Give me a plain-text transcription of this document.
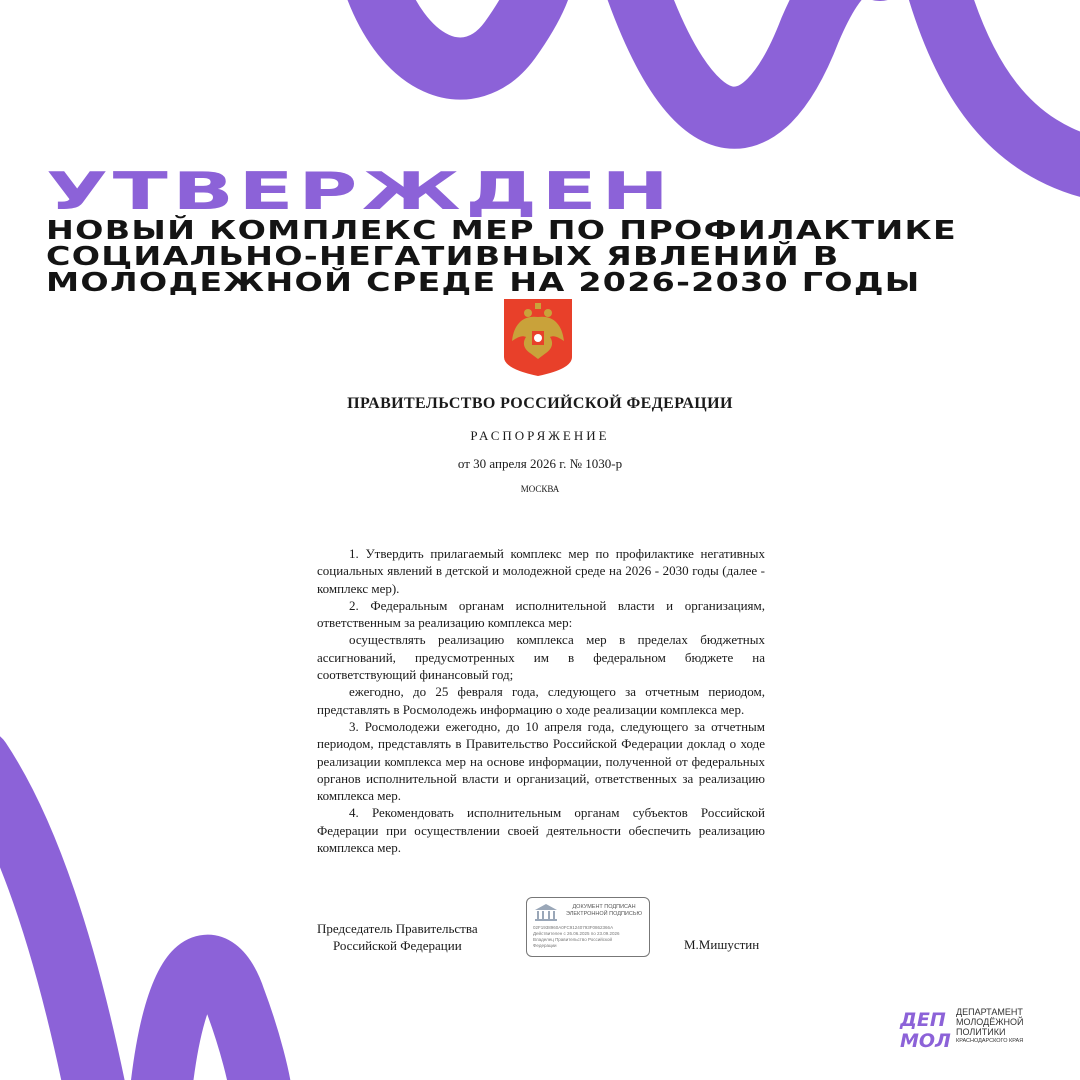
УТВЕРЖДЕН
НОВЫЙ КОМПЛЕКС МЕР ПО ПРОФИЛАКТИКЕ
СОЦИАЛЬНО-НЕГАТИВНЫХ ЯВЛЕНИЙ В
МОЛОДЕЖНОЙ СРЕДЕ НА 2026-2030 ГОДЫ
ПРАВИТЕЛЬСТВО РОССИЙСКОЙ ФЕДЕРАЦИИ
РАСПОРЯЖЕНИЕ
от 30 апреля 2026 г. № 1030-р
МОСКВА

1. Утвердить прилагаемый комплекс мер по профилактике негативных социальных явлений в детской и молодежной среде на 2026 - 2030 годы (далее - комплекс мер).

2. Федеральным органам исполнительной власти и организациям, ответственным за реализацию комплекса мер:

осуществлять реализацию комплекса мер в пределах бюджетных ассигнований, предусмотренных им в федеральном бюджете на соответствующий финансовый год;

ежегодно, до 25 февраля года, следующего за отчетным периодом, представлять в Росмолодежь информацию о ходе реализации комплекса мер.

3. Росмолодежи ежегодно, до 10 апреля года, следующего за отчетным периодом, представлять в Правительство Российской Федерации доклад о ходе реализации комплекса мер на основе информации, полученной от федеральных органов исполнительной власти и организаций, ответственных за реализацию комплекса мер.

4. Рекомендовать исполнительным органам субъектов Российской Федерации при осуществлении своей деятельности обеспечить реализацию комплекса мер.

Председатель Правительства
Российской Федерации
ДОКУМЕНТ ПОДПИСАН
ЭЛЕКТРОННОЙ ПОДПИСЬЮ
02F1938960A0FC91240793F0862366A
Действителен с 26.06.2025 по 23.09.2026
Владелец Правительство Российской
Федерации	М.Мишустин
ДЕП
МОЛ
ДЕПАРТАМЕНТ
МОЛОДЁЖНОЙ
ПОЛИТИКИ
КРАСНОДАРСКОГО КРАЯ
